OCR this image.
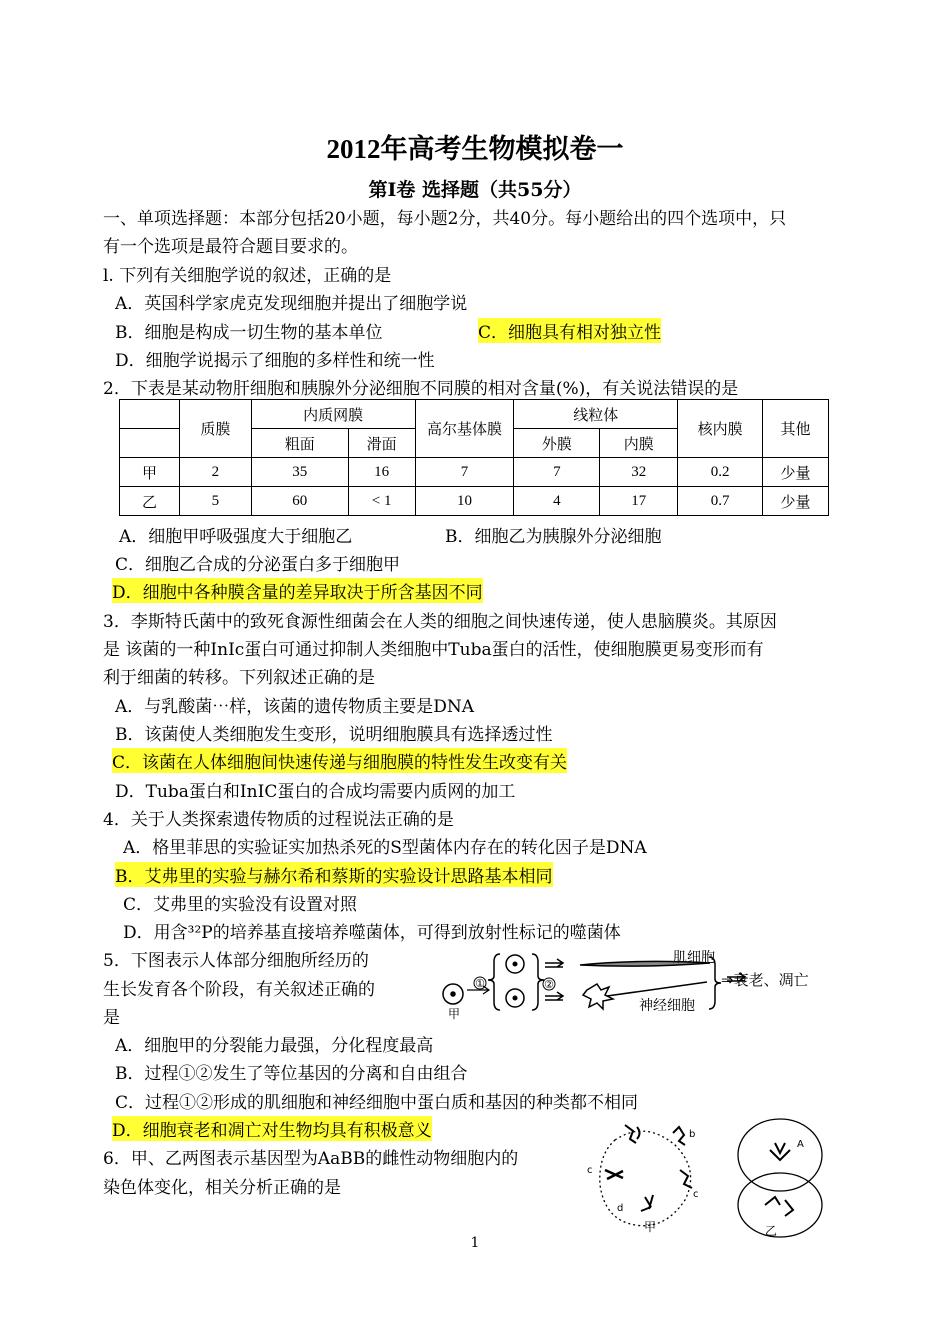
2012年高考生物模拟卷一
第I卷 选择题（共55分）
一、单项选择题：本部分包括20小题，每小题2分，共40分。每小题给出的四个选项中，只
有一个选项是最符合题目要求的。
l. 下列有关细胞学说的叙述，正确的是
A．英国科学家虎克发现细胞并提出了细胞学说
B．细胞是构成一切生物的基本单位	C．细胞具有相对独立性
D．细胞学说揭示了细胞的多样性和统一性
2．下表是某动物肝细胞和胰腺外分泌细胞不同膜的相对含量(%)，有关说法错误的是
	质膜	内质网膜		高尔基体膜	线粒体		核内膜	其他
		粗面	滑面		外膜	内膜		
甲	2	35	16	7	7	32	0.2	少量
乙	5	60	< 1	10	4	17	0.7	少量
A．细胞甲呼吸强度大于细胞乙	B．细胞乙为胰腺外分泌细胞
C．细胞乙合成的分泌蛋白多于细胞甲
D．细胞中各种膜含量的差异取决于所含基因不同
3．李斯特氏菌中的致死食源性细菌会在人类的细胞之间快速传递，使人患脑膜炎。其原因
是 该菌的一种InIc蛋白可通过抑制人类细胞中Tuba蛋白的活性，使细胞膜更易变形而有
利于细菌的转移。下列叙述正确的是
A．与乳酸菌⋯样，该菌的遗传物质主要是DNA
B．该菌使人类细胞发生变形，说明细胞膜具有选择透过性
C．该菌在人体细胞间快速传递与细胞膜的特性发生改变有关
D．Tuba蛋白和InIC蛋白的合成均需要内质网的加工
4．关于人类探索遗传物质的过程说法正确的是
A．格里菲思的实验证实加热杀死的S型菌体内存在的转化因子是DNA
B．艾弗里的实验与赫尔希和蔡斯的实验设计思路基本相同
C．艾弗里的实验没有设置对照
D．用含³²P的培养基直接培养噬菌体，可得到放射性标记的噬菌体
5．下图表示人体部分细胞所经历的
生长发育各个阶段，有关叙述正确的
是	甲
①	②
肌细胞
神经细胞
⇒衰老、凋亡
A．细胞甲的分裂能力最强，分化程度最高
B．过程①②发生了等位基因的分离和自由组合
C．过程①②形成的肌细胞和神经细胞中蛋白质和基因的种类都不相同
D．细胞衰老和凋亡对生物均具有积极意义
6．甲、乙两图表示基因型为AaBB的雌性动物细胞内的
染色体变化，相关分析正确的是
c
c
b
d
甲
A
乙
1
